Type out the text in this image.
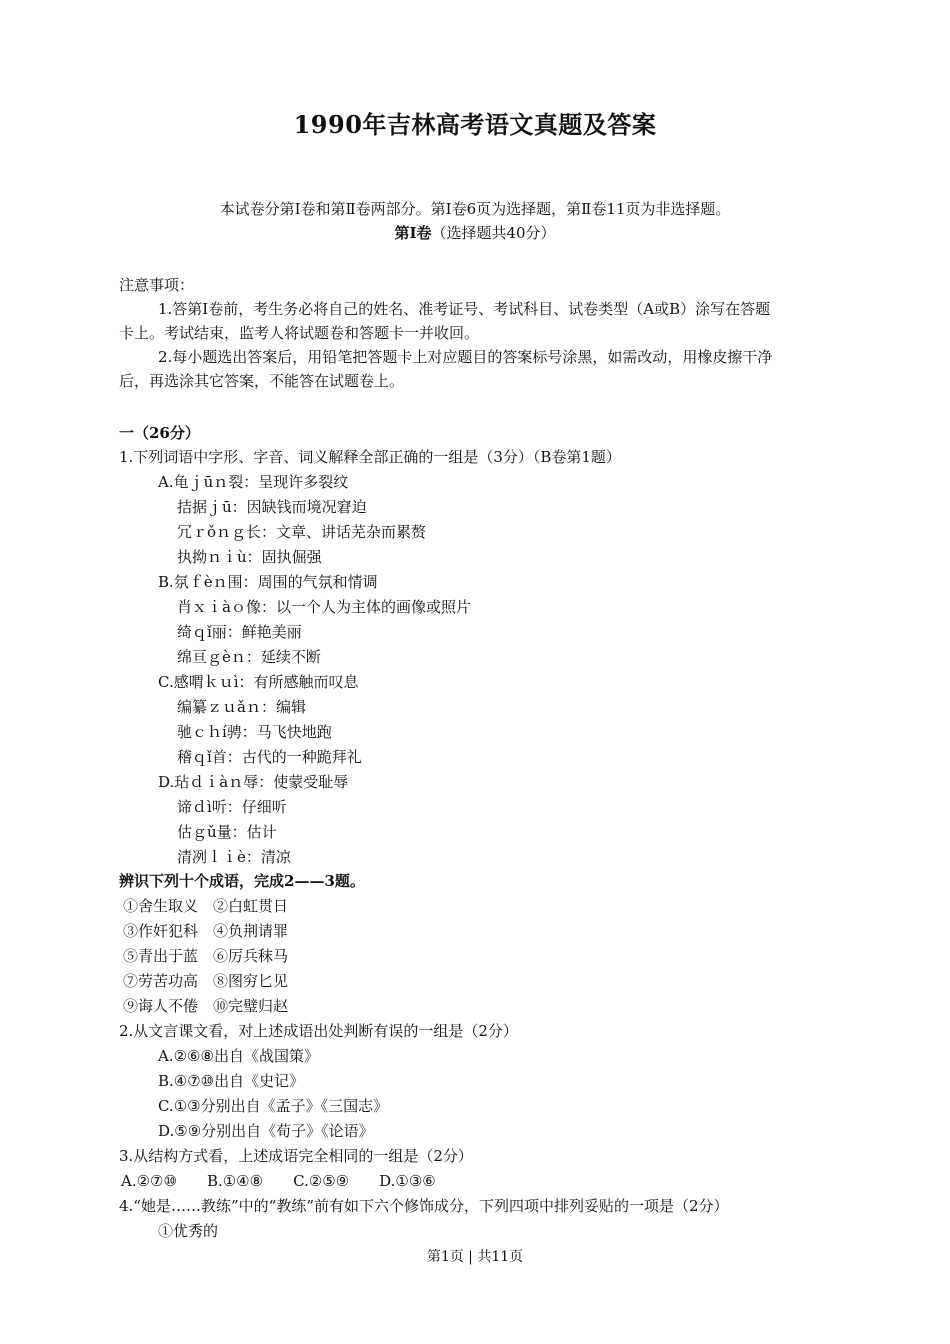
1990年吉林高考语文真题及答案
本试卷分第Ⅰ卷和第Ⅱ卷两部分。第Ⅰ卷6页为选择题，第Ⅱ卷11页为非选择题。
第Ⅰ卷（选择题共40分）
注意事项：
1.答第Ⅰ卷前，考生务必将自己的姓名、准考证号、考试科目、试卷类型（A或B）涂写在答题
卡上。考试结束，监考人将试题卷和答题卡一并收回。
2.每小题选出答案后，用铅笔把答题卡上对应题目的答案标号涂黑，如需改动，用橡皮擦干净
后，再选涂其它答案，不能答在试题卷上。
一（26分）
1.下列词语中字形、字音、词义解释全部正确的一组是（3分）（B卷第1题）
A.龟ｊūｎ裂：呈现许多裂纹
拮据ｊū：因缺钱而境况窘迫
冗ｒǒｎｇ长：文章、讲话芜杂而累赘
执拗ｎｉù：固执倔强
B.氛ｆèｎ围：周围的气氛和情调
肖ｘｉàｏ像：以一个人为主体的画像或照片
绮ｑǐ丽：鲜艳美丽
绵亘ｇèｎ：延续不断
C.感喟ｋｕì：有所感触而叹息
编纂ｚｕǎｎ：编辑
驰ｃｈí骋：马飞快地跑
稽ｑǐ首：古代的一种跪拜礼
D.玷ｄｉàｎ辱：使蒙受耻辱
谛ｄì听：仔细听
估ｇǔ量：估计
清冽ｌｉè：清凉
辨识下列十个成语，完成2——3题。
①舍生取义　②白虹贯日
③作奸犯科　④负荆请罪
⑤青出于蓝　⑥厉兵秣马
⑦劳苦功高　⑧图穷匕见
⑨诲人不倦　⑩完璧归赵
2.从文言课文看，对上述成语出处判断有误的一组是（2分）
A.②⑥⑧出自《战国策》
B.④⑦⑩出自《史记》
C.①③分别出自《孟子》《三国志》
D.⑤⑨分别出自《荀子》《论语》
3.从结构方式看，上述成语完全相同的一组是（2分）
A.②⑦⑩　　B.①④⑧　　C.②⑤⑨　　D.①③⑥
4.“她是……教练”中的“教练”前有如下六个修饰成分，下列四项中排列妥贴的一项是（2分）
①优秀的
第1页 | 共11页
